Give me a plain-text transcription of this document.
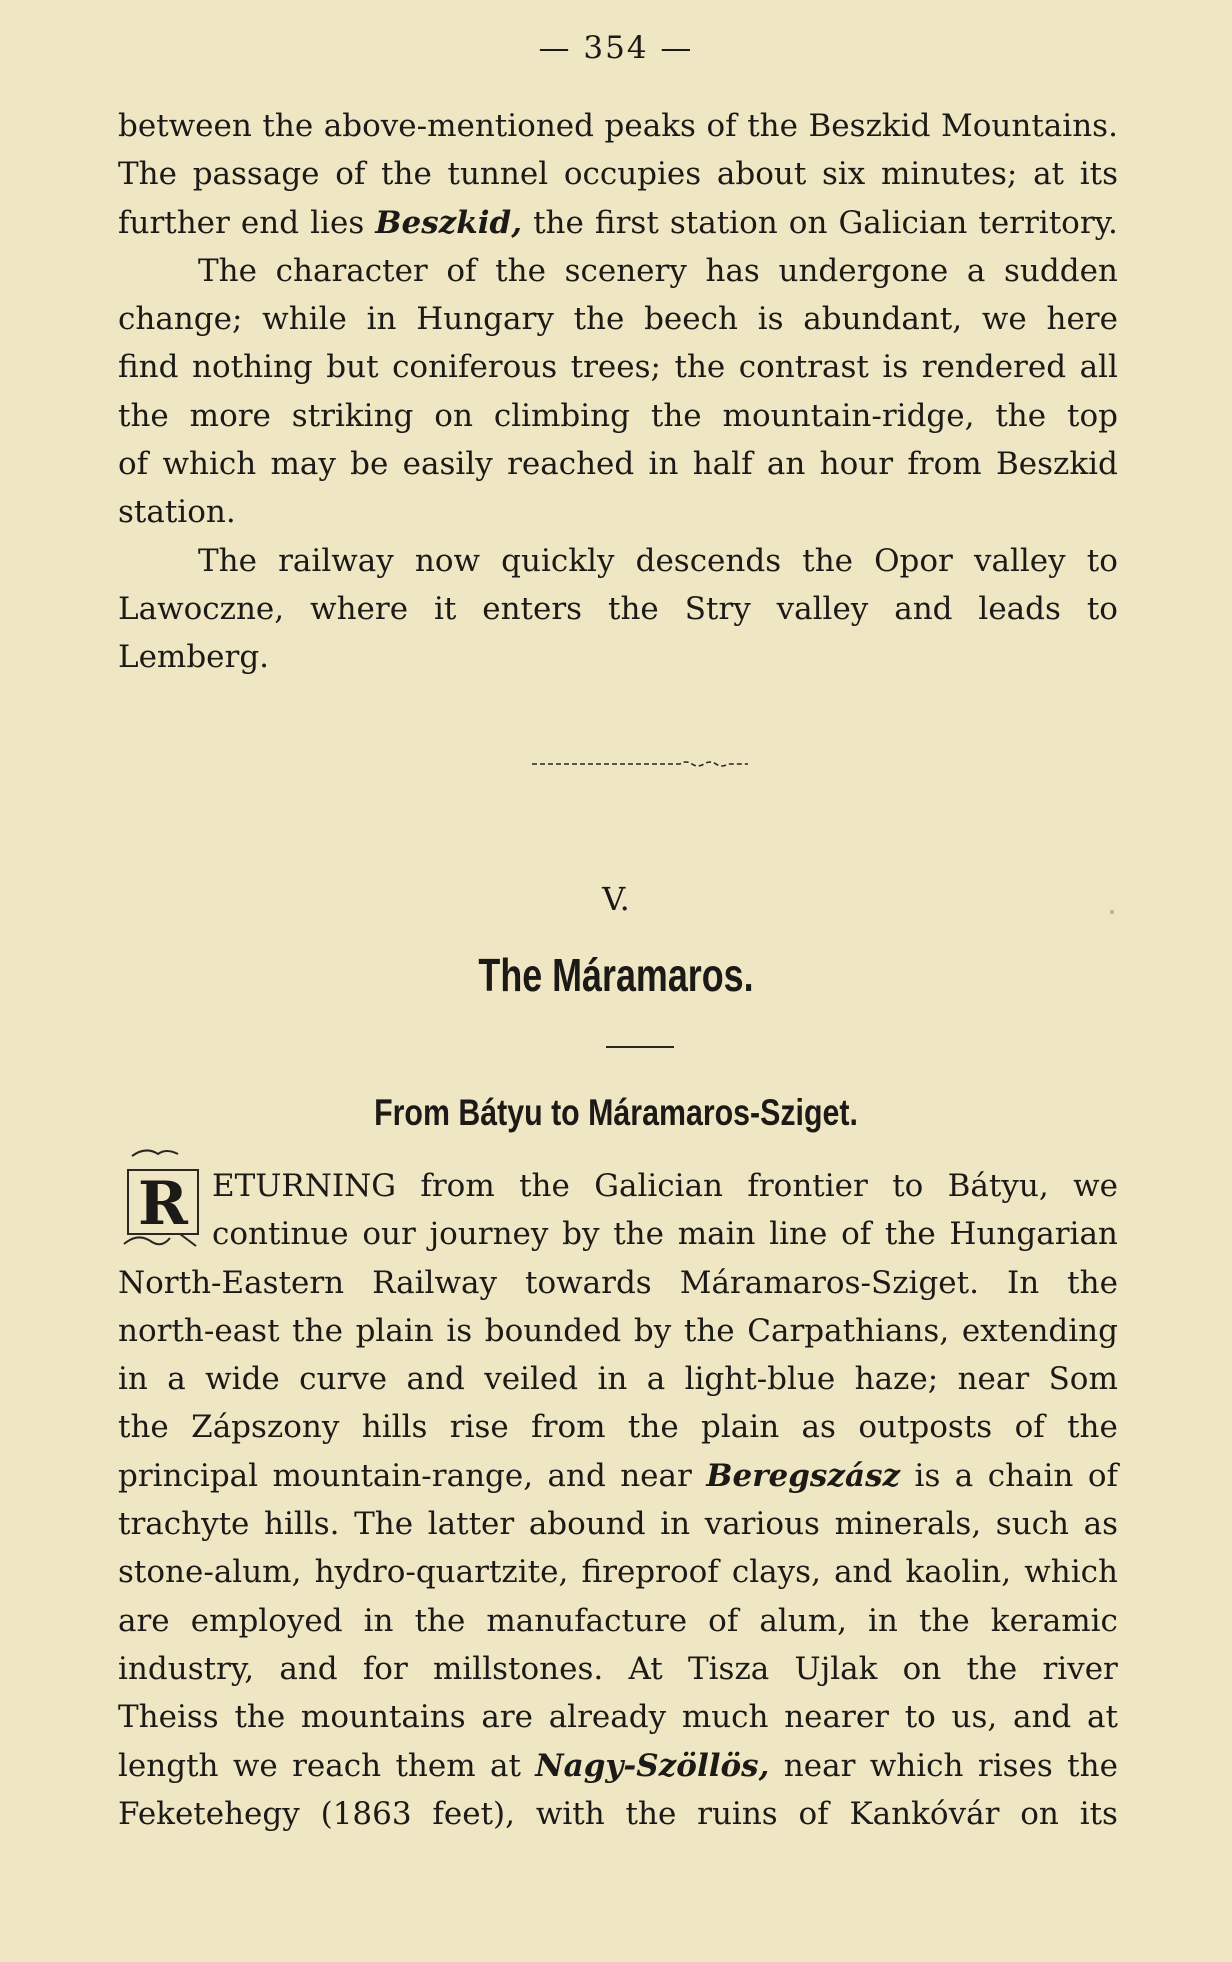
— 354 —
between the above-mentioned peaks of the Beszkid Mountains.
The passage of the tunnel occupies about six minutes; at its
further end lies Beszkid, the first station on Galician territory.
The character of the scenery has undergone a sudden
change; while in Hungary the beech is abundant, we here
find nothing but coniferous trees; the contrast is rendered all
the more striking on climbing the mountain-ridge, the top
of which may be easily reached in half an hour from Beszkid
station.
The railway now quickly descends the Opor valley to
Lawoczne, where it enters the Stry valley and leads to
Lemberg.
V.
The Máramaros.
From Bátyu to Máramaros-Sziget.
R ETURNING from the Galician frontier to Bátyu, we
continue our journey by the main line of the Hungarian
North-Eastern Railway towards Máramaros-Sziget. In the
north-east the plain is bounded by the Carpathians, extending
in a wide curve and veiled in a light-blue haze; near Som
the Zápszony hills rise from the plain as outposts of the
principal mountain-range, and near Beregszász is a chain of
trachyte hills. The latter abound in various minerals, such as
stone-alum, hydro-quartzite, fireproof clays, and kaolin, which
are employed in the manufacture of alum, in the keramic
industry, and for millstones. At Tisza Ujlak on the river
Theiss the mountains are already much nearer to us, and at
length we reach them at Nagy-Szöllös, near which rises the
Feketehegy (1863 feet), with the ruins of Kankóvár on its
